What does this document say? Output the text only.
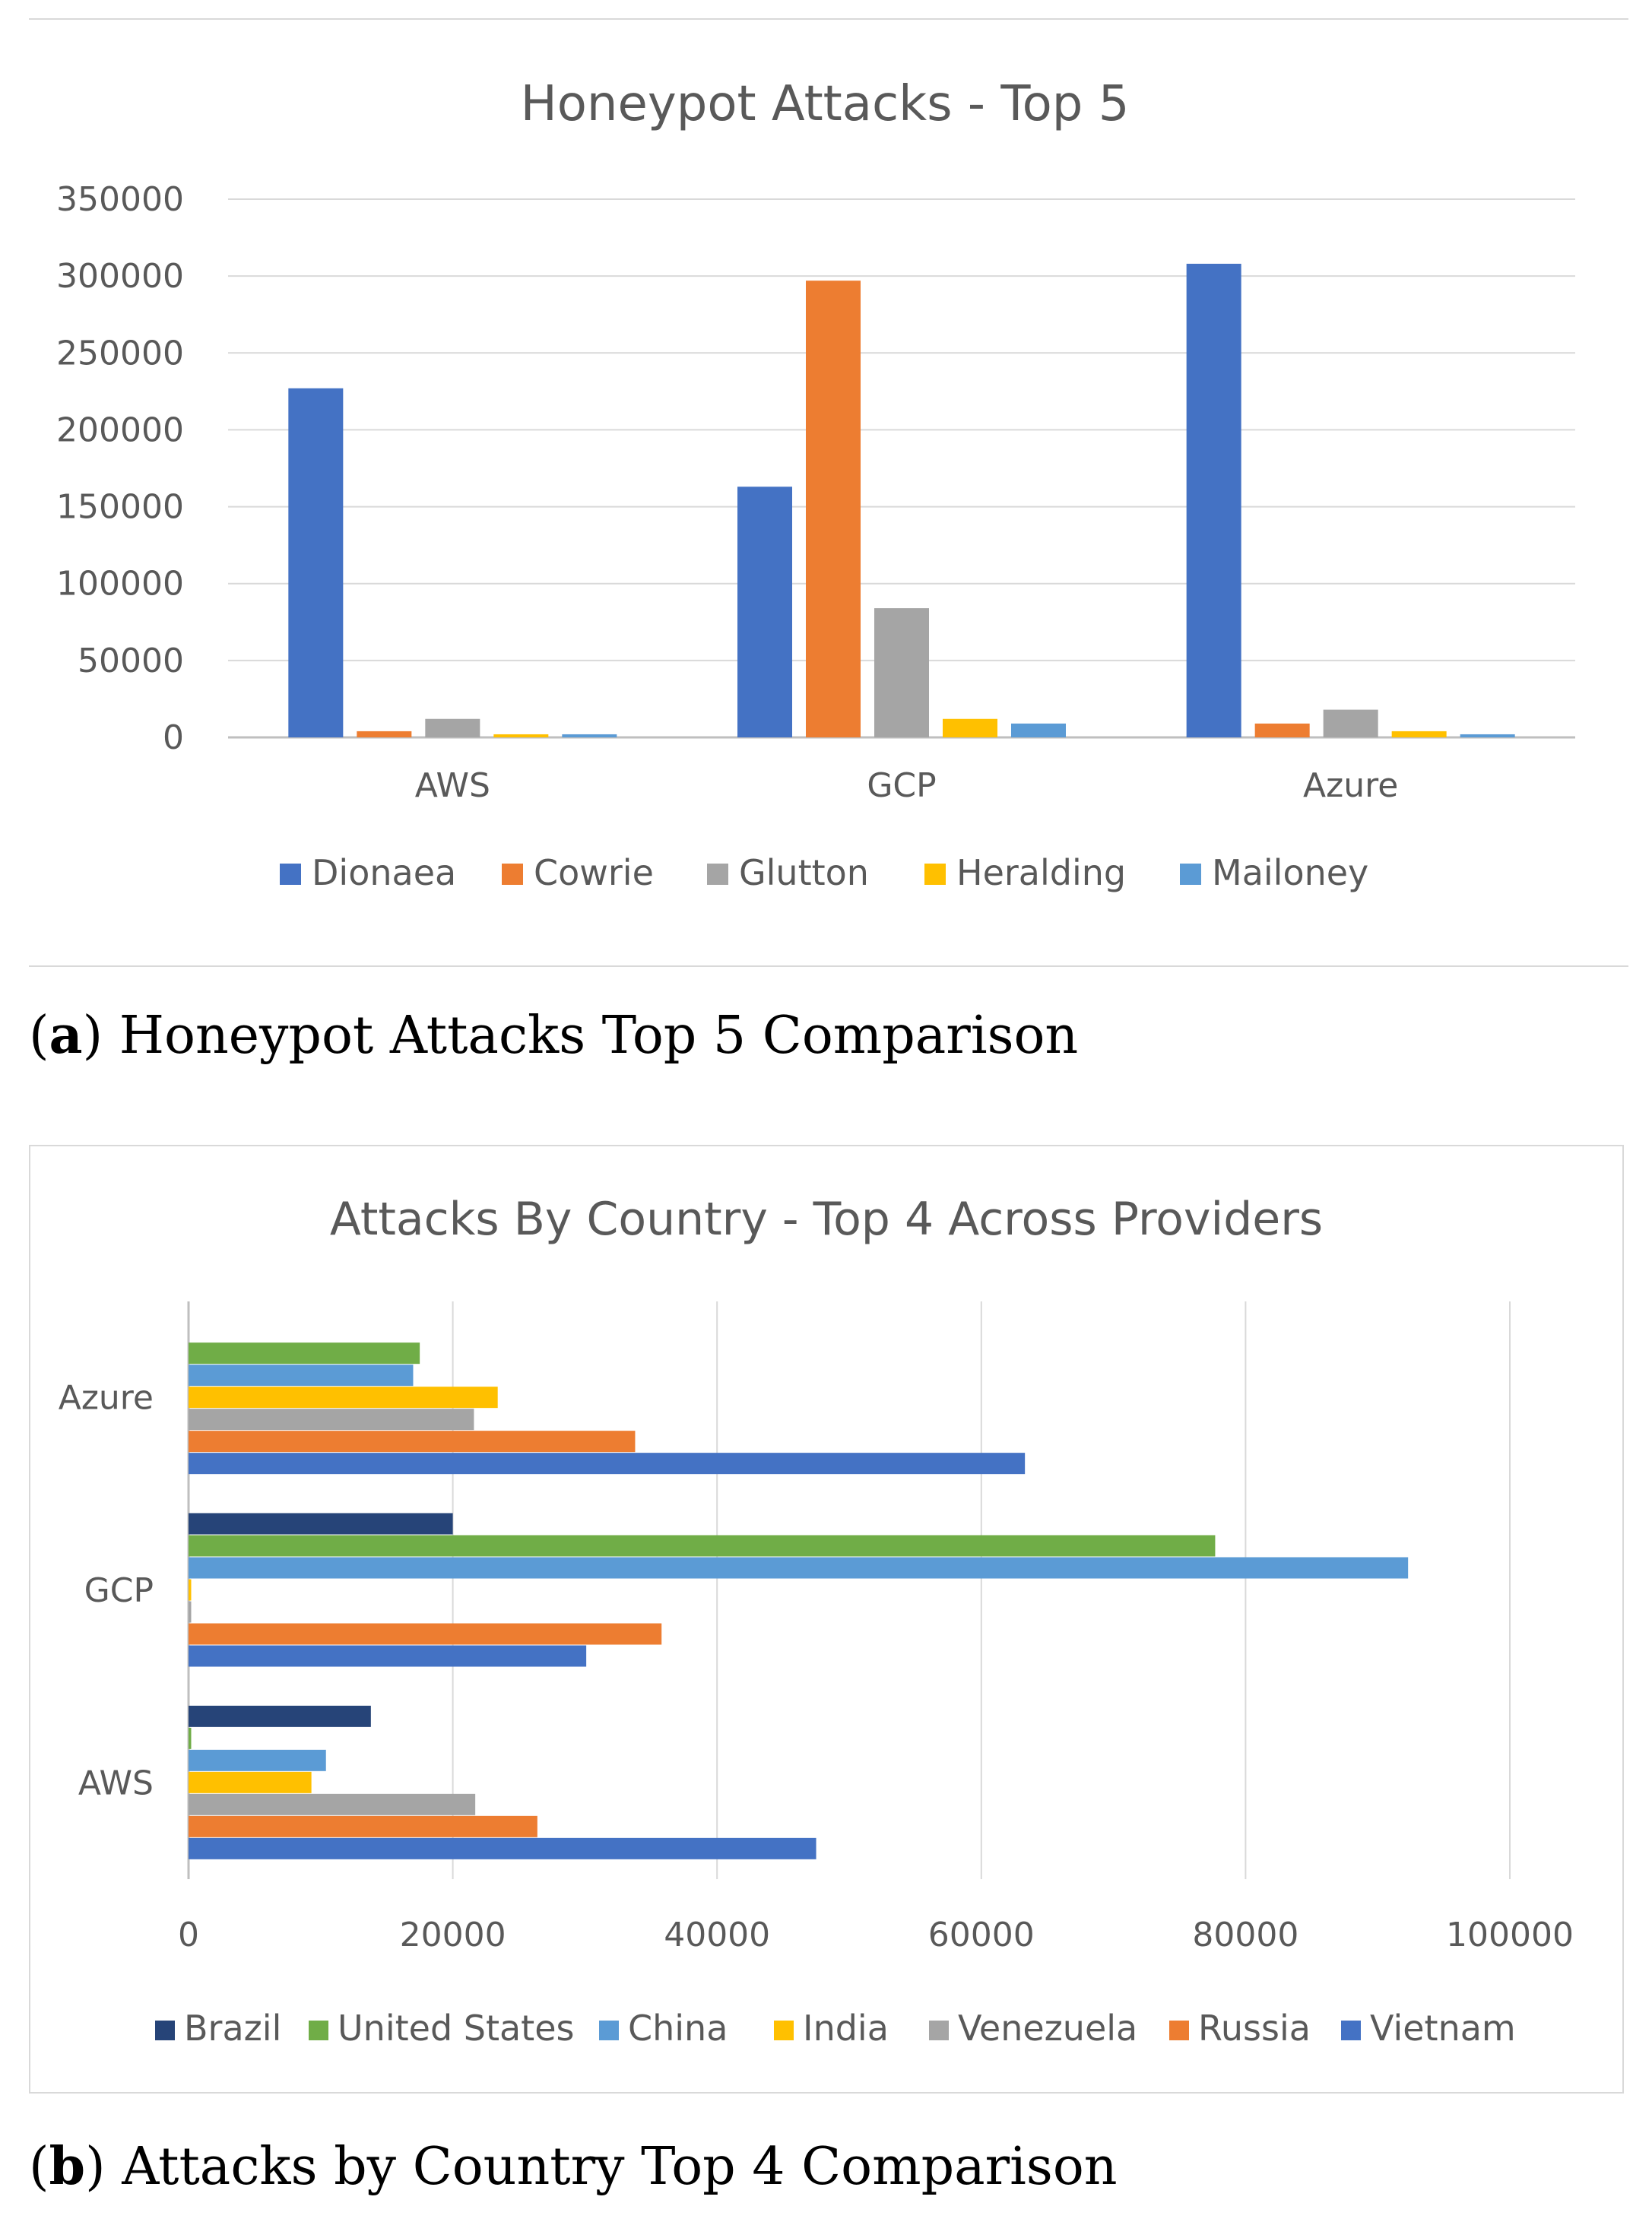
Honeypot Attacks - Top 5
0
50000
100000
150000
200000
250000
300000
350000
AWS	GCP	Azure
Dionaea Cowrie Glutton	Heralding Mailoney
(a) Honeypot Attacks Top 5 Comparison
Attacks By Country - Top 4 Across Providers
0	20000	40000	60000	80000	100000
AWS
GCP
Azure
Brazil United States China India Venezuela Russia Vietnam
(b) Attacks by Country Top 4 Comparison
